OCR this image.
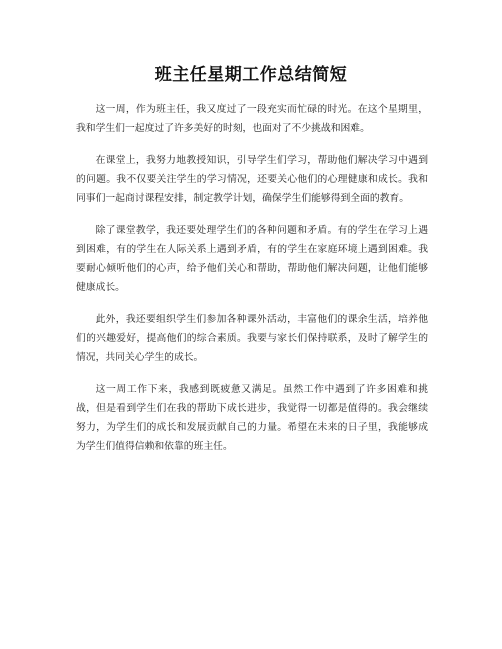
班主任星期工作总结简短

这一周，作为班主任，我又度过了一段充实而忙碌的时光。在这个星期里，我和学生们一起度过了许多美好的时刻，也面对了不少挑战和困难。

在课堂上，我努力地教授知识，引导学生们学习，帮助他们解决学习中遇到的问题。我不仅要关注学生的学习情况，还要关心他们的心理健康和成长。我和同事们一起商讨课程安排，制定教学计划，确保学生们能够得到全面的教育。

除了课堂教学，我还要处理学生们的各种问题和矛盾。有的学生在学习上遇到困难，有的学生在人际关系上遇到矛盾，有的学生在家庭环境上遇到困难。我要耐心倾听他们的心声，给予他们关心和帮助，帮助他们解决问题，让他们能够健康成长。

此外，我还要组织学生们参加各种课外活动，丰富他们的课余生活，培养他们的兴趣爱好，提高他们的综合素质。我要与家长们保持联系，及时了解学生的情况，共同关心学生的成长。

这一周工作下来，我感到既疲惫又满足。虽然工作中遇到了许多困难和挑战，但是看到学生们在我的帮助下成长进步，我觉得一切都是值得的。我会继续努力，为学生们的成长和发展贡献自己的力量。希望在未来的日子里，我能够成为学生们值得信赖和依靠的班主任。
